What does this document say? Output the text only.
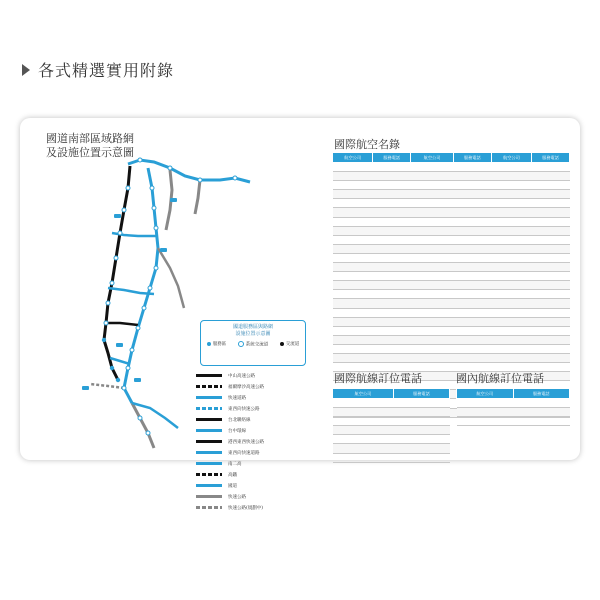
各式精選實用附錄
國道南部區域路網
及設施位置示意圖
國道服務區與路網
設施位置示意圖
服務區	系統交流道	交流道
中山高速公路
福爾摩沙高速公路
快速道路
東西向快速公路
台北聯絡線
台中環線
港西東西快速公路
東西向快速道路
南二高
高鐵
國道
快速公路
快速公路(規劃中)
國際航空名錄
航空公司	服務電話	航空公司	服務電話	航空公司	服務電話

國際航線訂位電話
航空公司	服務電話

國內航線訂位電話
航空公司	服務電話
